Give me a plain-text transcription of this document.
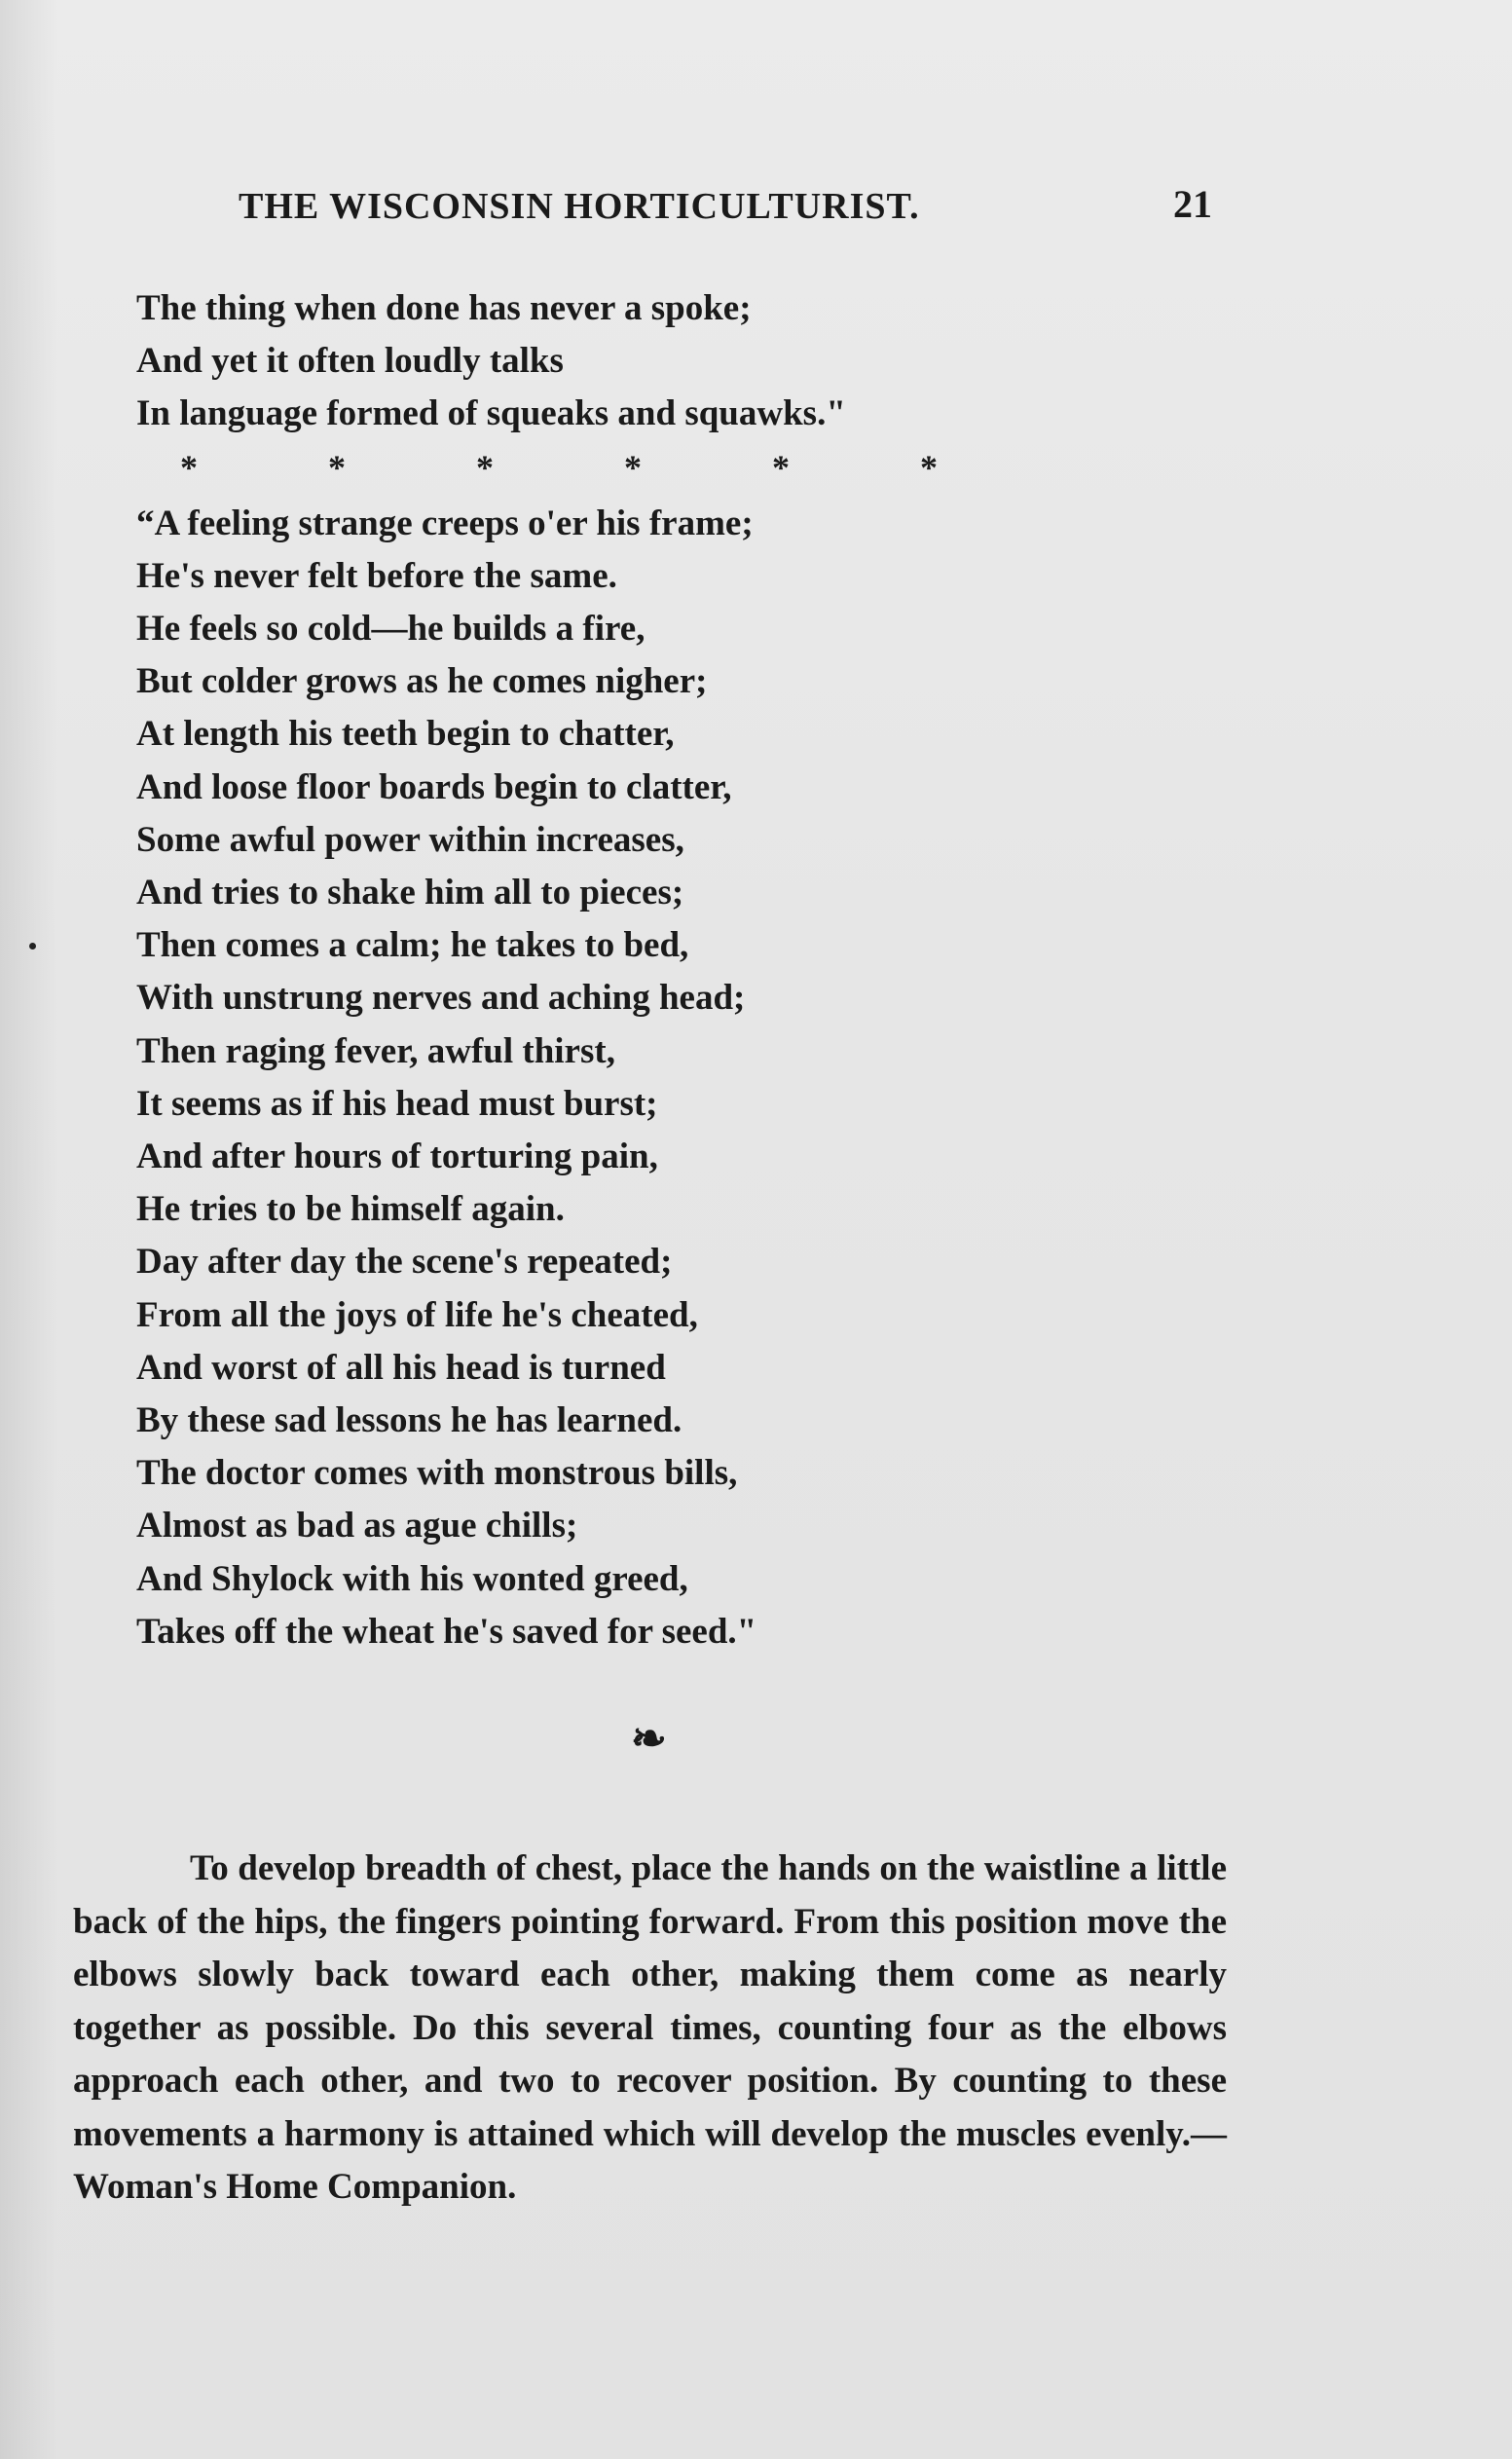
THE WISCONSIN HORTICULTURIST.	21
The thing when done has never a spoke;
And yet it often loudly talks
In language formed of squeaks and squawks."
*	*	*	*	*	*
“A feeling strange creeps o'er his frame;
He's never felt before the same.
He feels so cold—he builds a fire,
But colder grows as he comes nigher;
At length his teeth begin to chatter,
And loose floor boards begin to clatter,
Some awful power within increases,
And tries to shake him all to pieces;
Then comes a calm; he takes to bed,
With unstrung nerves and aching head;
Then raging fever, awful thirst,
It seems as if his head must burst;
And after hours of torturing pain,
He tries to be himself again.
Day after day the scene's repeated;
From all the joys of life he's cheated,
And worst of all his head is turned
By these sad lessons he has learned.
The doctor comes with monstrous bills,
Almost as bad as ague chills;
And Shylock with his wonted greed,
Takes off the wheat he's saved for seed."
❧

To develop breadth of chest, place the hands on the waistline a little back of the hips, the fingers pointing forward. From this position move the elbows slowly back toward each other, making them come as nearly together as possible. Do this several times, counting four as the elbows approach each other, and two to recover position. By counting to these movements a harmony is attained which will develop the muscles evenly.—Woman's Home Companion.
